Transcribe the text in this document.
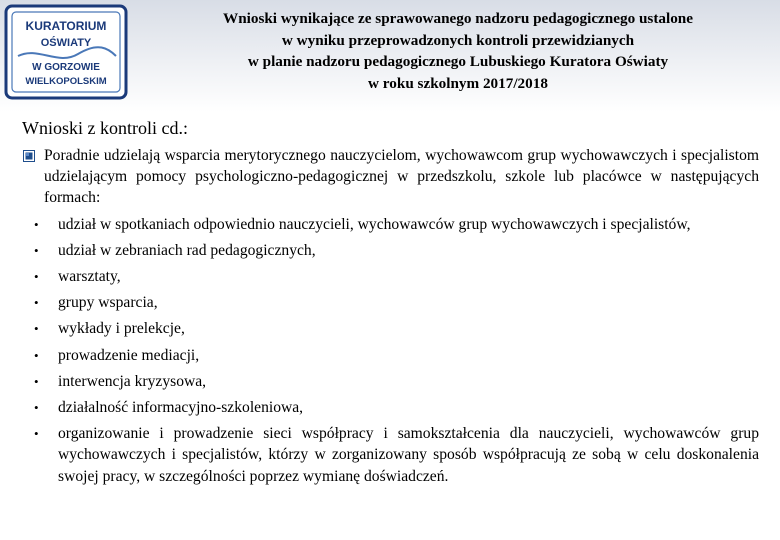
KURATORIUM
OŚWIATY
W GORZOWIE
WIELKOPOLSKIM
Wnioski wynikające ze sprawowanego nadzoru pedagogicznego ustalone
w wyniku przeprowadzonych kontroli przewidzianych
w planie nadzoru pedagogicznego Lubuskiego Kuratora Oświaty
w roku szkolnym 2017/2018
Wnioski z kontroli cd.:
Poradnie udzielają wsparcia merytorycznego nauczycielom, wychowawcom grup wychowawczych i specjalistom udzielającym pomocy psychologiczno-pedagogicznej w przedszkolu, szkole lub placówce w następujących formach:
• udział w spotkaniach odpowiednio nauczycieli, wychowawców grup wychowawczych i specjalistów,
• udział w zebraniach rad pedagogicznych,
• warsztaty,
• grupy wsparcia,
• wykłady i prelekcje,
• prowadzenie mediacji,
• interwencja kryzysowa,
• działalność informacyjno-szkoleniowa,
• organizowanie i prowadzenie sieci współpracy i samokształcenia dla nauczycieli, wychowawców grup wychowawczych i specjalistów, którzy w zorganizowany sposób współpracują ze sobą w celu doskonalenia swojej pracy, w szczególności poprzez wymianę doświadczeń.
